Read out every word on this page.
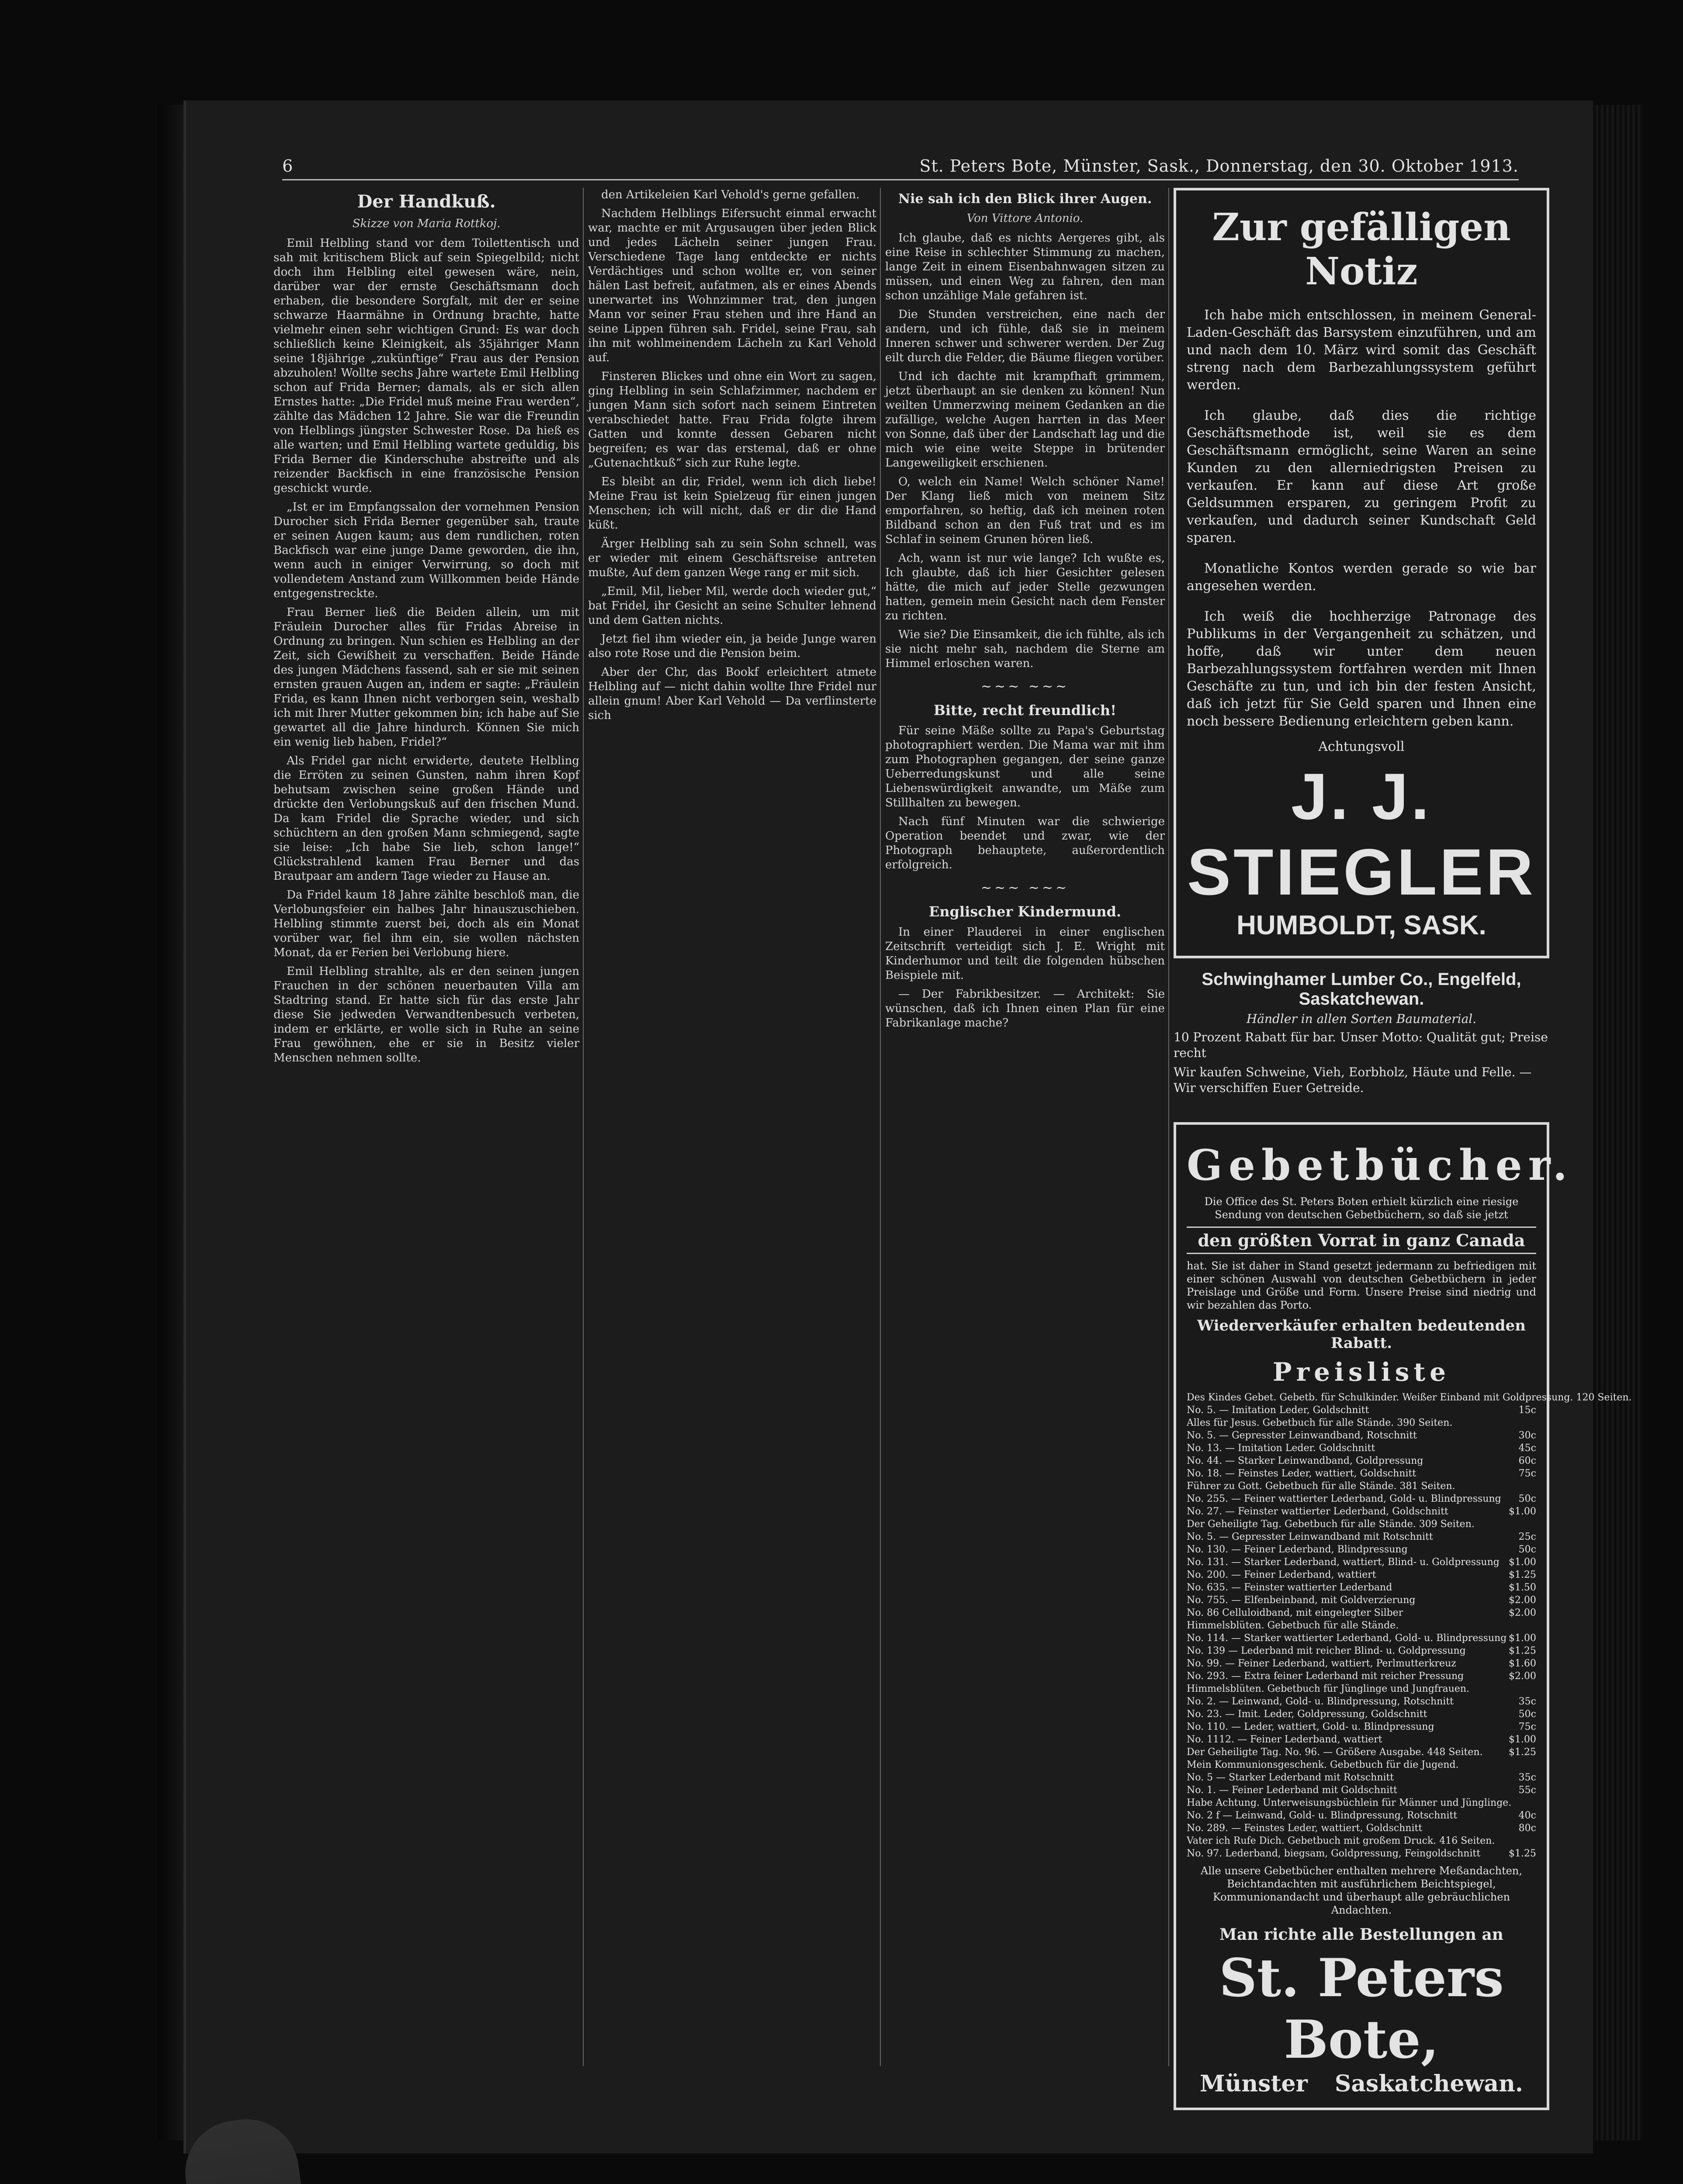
6	St. Peters Bote, Münster, Sask., Donnerstag, den 30. Oktober 1913.
Der Handkuß.
Skizze von Maria Rottkoj.

Emil Helbling stand vor dem Toilettentisch und sah mit kritischem Blick auf sein Spiegelbild; nicht doch ihm Helbling eitel gewesen wäre, nein, darüber war der ernste Geschäftsmann doch erhaben, die besondere Sorgfalt, mit der er seine schwarze Haarmähne in Ordnung brachte, hatte vielmehr einen sehr wichtigen Grund: Es war doch schließlich keine Kleinigkeit, als 35jähriger Mann seine 18jährige „zukünftige“ Frau aus der Pension abzuholen! Wollte sechs Jahre wartete Emil Helbling schon auf Frida Berner; damals, als er sich allen Ernstes hatte: „Die Fridel muß meine Frau werden“, zählte das Mädchen 12 Jahre. Sie war die Freundin von Helblings jüngster Schwester Rose. Da hieß es alle warten; und Emil Helbling wartete geduldig, bis Frida Berner die Kinderschuhe abstreifte und als reizender Backfisch in eine französische Pension geschickt wurde.

„Ist er im Empfangssalon der vornehmen Pension Durocher sich Frida Berner gegenüber sah, traute er seinen Augen kaum; aus dem rundlichen, roten Backfisch war eine junge Dame geworden, die ihn, wenn auch in einiger Verwirrung, so doch mit vollendetem Anstand zum Willkommen beide Hände entgegenstreckte.

Frau Berner ließ die Beiden allein, um mit Fräulein Durocher alles für Fridas Abreise in Ordnung zu bringen. Nun schien es Helbling an der Zeit, sich Gewißheit zu verschaffen. Beide Hände des jungen Mädchens fassend, sah er sie mit seinen ernsten grauen Augen an, indem er sagte: „Fräulein Frida, es kann Ihnen nicht verborgen sein, weshalb ich mit Ihrer Mutter gekommen bin; ich habe auf Sie gewartet all die Jahre hindurch. Können Sie mich ein wenig lieb haben, Fridel?“

Als Fridel gar nicht erwiderte, deutete Helbling die Erröten zu seinen Gunsten, nahm ihren Kopf behutsam zwischen seine großen Hände und drückte den Verlobungskuß auf den frischen Mund. Da kam Fridel die Sprache wieder, und sich schüchtern an den großen Mann schmiegend, sagte sie leise: „Ich habe Sie lieb, schon lange!“ Glückstrahlend kamen Frau Berner und das Brautpaar am andern Tage wieder zu Hause an.

Da Fridel kaum 18 Jahre zählte beschloß man, die Verlobungsfeier ein halbes Jahr hinauszuschieben. Helbling stimmte zuerst bei, doch als ein Monat vorüber war, fiel ihm ein, sie wollen nächsten Monat, da er Ferien bei Verlobung hiere.

Emil Helbling strahlte, als er den seinen jungen Frauchen in der schönen neuerbauten Villa am Stadtring stand. Er hatte sich für das erste Jahr diese Sie jedweden Verwandtenbesuch verbeten, indem er erklärte, er wolle sich in Ruhe an seine Frau gewöhnen, ehe er sie in Besitz vieler Menschen nehmen sollte.

den Artikeleien Karl Vehold's gerne gefallen.

Nachdem Helblings Eifersucht einmal erwacht war, machte er mit Argusaugen über jeden Blick und jedes Lächeln seiner jungen Frau. Verschiedene Tage lang entdeckte er nichts Verdächtiges und schon wollte er, von seiner hälen Last befreit, aufatmen, als er eines Abends unerwartet ins Wohnzimmer trat, den jungen Mann vor seiner Frau stehen und ihre Hand an seine Lippen führen sah. Fridel, seine Frau, sah ihn mit wohlmeinendem Lächeln zu Karl Vehold auf.

Finsteren Blickes und ohne ein Wort zu sagen, ging Helbling in sein Schlafzimmer, nachdem er jungen Mann sich sofort nach seinem Eintreten verabschiedet hatte. Frau Frida folgte ihrem Gatten und konnte dessen Gebaren nicht begreifen; es war das erstemal, daß er ohne „Gutenachtkuß“ sich zur Ruhe legte.

Es bleibt an dir, Fridel, wenn ich dich liebe! Meine Frau ist kein Spielzeug für einen jungen Menschen; ich will nicht, daß er dir die Hand küßt.

Ärger Helbling sah zu sein Sohn schnell, was er wieder mit einem Geschäftsreise antreten mußte, Auf dem ganzen Wege rang er mit sich.

„Emil, Mil, lieber Mil, werde doch wieder gut,“ bat Fridel, ihr Gesicht an seine Schulter lehnend und dem Gatten nichts.

Jetzt fiel ihm wieder ein, ja beide Junge waren also rote Rose und die Pension beim.

Aber der Chr, das Bookf erleichtert atmete Helbling auf — nicht dahin wollte Ihre Fridel nur allein gnum! Aber Karl Vehold — Da verflinsterte sich

Nie sah ich den Blick ihrer Augen.
Von Vittore Antonio.

Ich glaube, daß es nichts Aergeres gibt, als eine Reise in schlechter Stimmung zu machen, lange Zeit in einem Eisenbahnwagen sitzen zu müssen, und einen Weg zu fahren, den man schon unzählige Male gefahren ist.

Die Stunden verstreichen, eine nach der andern, und ich fühle, daß sie in meinem Inneren schwer und schwerer werden. Der Zug eilt durch die Felder, die Bäume fliegen vorüber.

Und ich dachte mit krampfhaft grimmem, jetzt überhaupt an sie denken zu können! Nun weilten Ummerzwing meinem Gedanken an die zufällige, welche Augen harrten in das Meer von Sonne, daß über der Landschaft lag und die mich wie eine weite Steppe in brütender Langeweiligkeit erschienen.

O, welch ein Name! Welch schöner Name! Der Klang ließ mich von meinem Sitz emporfahren, so heftig, daß ich meinen roten Bildband schon an den Fuß trat und es im Schlaf in seinem Grunen hören ließ.

Ach, wann ist nur wie lange? Ich wußte es, Ich glaubte, daß ich hier Gesichter gelesen hätte, die mich auf jeder Stelle gezwungen hatten, gemein mein Gesicht nach dem Fenster zu richten.

Wie sie? Die Einsamkeit, die ich fühlte, als ich sie nicht mehr sah, nachdem die Sterne am Himmel erloschen waren.

~~~ ~~~
Bitte, recht freundlich!

Für seine Mäße sollte zu Papa's Geburtstag photographiert werden. Die Mama war mit ihm zum Photographen gegangen, der seine ganze Ueberredungskunst und alle seine Liebenswürdigkeit anwandte, um Mäße zum Stillhalten zu bewegen.

Nach fünf Minuten war die schwierige Operation beendet und zwar, wie der Photograph behauptete, außerordentlich erfolgreich.

~~~ ~~~
Englischer Kindermund.

In einer Plauderei in einer englischen Zeitschrift verteidigt sich J. E. Wright mit Kinderhumor und teilt die folgenden hübschen Beispiele mit.

— Der Fabrikbesitzer. — Architekt: Sie wünschen, daß ich Ihnen einen Plan für eine Fabrikanlage mache?

Zur gefälligen Notiz

Ich habe mich entschlossen, in meinem General-Laden-Geschäft das Barsystem einzuführen, und am und nach dem 10. März wird somit das Geschäft streng nach dem Barbezahlungssystem geführt werden.

Ich glaube, daß dies die richtige Geschäftsmethode ist, weil sie es dem Geschäftsmann ermöglicht, seine Waren an seine Kunden zu den allerniedrigsten Preisen zu verkaufen. Er kann auf diese Art große Geldsummen ersparen, zu geringem Profit zu verkaufen, und dadurch seiner Kundschaft Geld sparen.

Monatliche Kontos werden gerade so wie bar angesehen werden.

Ich weiß die hochherzige Patronage des Publikums in der Vergangenheit zu schätzen, und hoffe, daß wir unter dem neuen Barbezahlungssystem fortfahren werden mit Ihnen Geschäfte zu tun, und ich bin der festen Ansicht, daß ich jetzt für Sie Geld sparen und Ihnen eine noch bessere Bedienung erleichtern geben kann.

Achtungsvoll
J. J. STIEGLER
HUMBOLDT, SASK.
Schwinghamer Lumber Co., Engelfeld, Saskatchewan.
Händler in allen Sorten Baumaterial.
10 Prozent Rabatt für bar. Unser Motto: Qualität gut; Preise recht
Wir kaufen Schweine, Vieh, Eorbholz, Häute und Felle. — Wir verschiffen Euer Getreide.
Gebetbücher.
Die Office des St. Peters Boten erhielt kürzlich eine riesige Sendung von deutschen Gebetbüchern, so daß sie jetzt
den größten Vorrat in ganz Canada
hat. Sie ist daher in Stand gesetzt jedermann zu befriedigen mit einer schönen Auswahl von deutschen Gebetbüchern in jeder Preislage und Größe und Form. Unsere Preise sind niedrig und wir bezahlen das Porto.
Wiederverkäufer erhalten bedeutenden Rabatt.
Preisliste
Des Kindes Gebet. Gebetb. für Schulkinder. Weißer Einband mit Goldpressung. 120 Seiten.
No. 5. — Imitation Leder, Goldschnitt	15c
Alles für Jesus. Gebetbuch für alle Stände. 390 Seiten.
No. 5. — Gepresster Leinwandband, Rotschnitt	30c
No. 13. — Imitation Leder. Goldschnitt	45c
No. 44. — Starker Leinwandband, Goldpressung	60c
No. 18. — Feinstes Leder, wattiert, Goldschnitt	75c
Führer zu Gott. Gebetbuch für alle Stände. 381 Seiten.
No. 255. — Feiner wattierter Lederband, Gold- u. Blindpressung	50c
No. 27. — Feinster wattierter Lederband, Goldschnitt	$1.00
Der Geheiligte Tag. Gebetbuch für alle Stände. 309 Seiten.
No. 5. — Gepresster Leinwandband mit Rotschnitt	25c
No. 130. — Feiner Lederband, Blindpressung	50c
No. 131. — Starker Lederband, wattiert, Blind- u. Goldpressung $1.00
No. 200. — Feiner Lederband, wattiert	$1.25
No. 635. — Feinster wattierter Lederband	$1.50
No. 755. — Elfenbeinband, mit Goldverzierung	$2.00
No. 86 Celluloidband, mit eingelegter Silber	$2.00
Himmelsblüten. Gebetbuch für alle Stände.
No. 114. — Starker wattierter Lederband, Gold- u. Blindpressung $1.00
No. 139 — Lederband mit reicher Blind- u. Goldpressung	$1.25
No. 99. — Feiner Lederband, wattiert, Perlmutterkreuz	$1.60
No. 293. — Extra feiner Lederband mit reicher Pressung	$2.00
Himmelsblüten. Gebetbuch für Jünglinge und Jungfrauen.
No. 2. — Leinwand, Gold- u. Blindpressung, Rotschnitt	35c
No. 23. — Imit. Leder, Goldpressung, Goldschnitt	50c
No. 110. — Leder, wattiert, Gold- u. Blindpressung	75c
No. 1112. — Feiner Lederband, wattiert	$1.00
Der Geheiligte Tag. No. 96. — Größere Ausgabe. 448 Seiten.	$1.25
Mein Kommunionsgeschenk. Gebetbuch für die Jugend.
No. 5 — Starker Lederband mit Rotschnitt	35c
No. 1. — Feiner Lederband mit Goldschnitt	55c
Habe Achtung. Unterweisungsbüchlein für Männer und Jünglinge.
No. 2 f — Leinwand, Gold- u. Blindpressung, Rotschnitt	40c
No. 289. — Feinstes Leder, wattiert, Goldschnitt	80c
Vater ich Rufe Dich. Gebetbuch mit großem Druck. 416 Seiten.
No. 97. Lederband, biegsam, Goldpressung, Feingoldschnitt	$1.25
Alle unsere Gebetbücher enthalten mehrere Meßandachten, Beichtandachten mit ausführlichem Beichtspiegel, Kommunionandacht und überhaupt alle gebräuchlichen Andachten.
Man richte alle Bestellungen an
St. Peters Bote,
Münster Saskatchewan.
